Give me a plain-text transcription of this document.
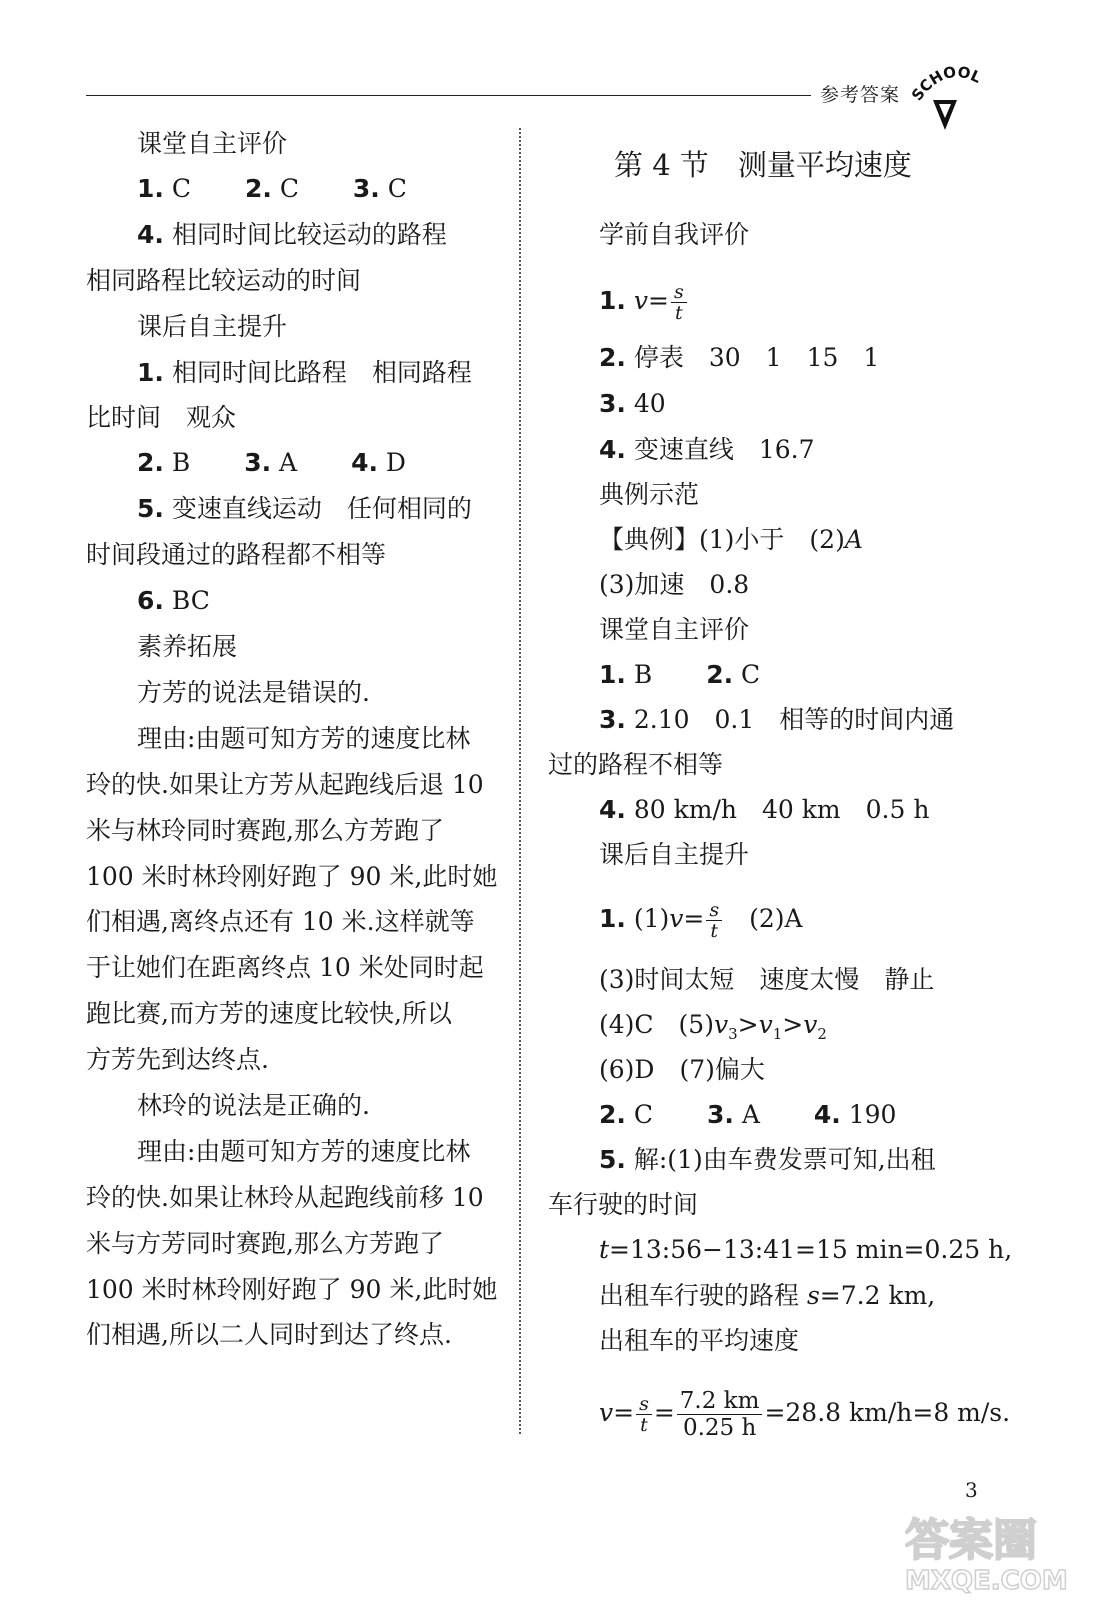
参考答案 SCHOOL
课堂自主评价
1. C 2. C 3. C
4. 相同时间比较运动的路程
相同路程比较运动的时间
课后自主提升
1. 相同时间比路程　相同路程
比时间　观众
2. B 3. A 4. D
5. 变速直线运动　任何相同的
时间段通过的路程都不相等
6. BC
素养拓展
方芳的说法是错误的.
理由:由题可知方芳的速度比林
玲的快.如果让方芳从起跑线后退 10
米与林玲同时赛跑,那么方芳跑了
100 米时林玲刚好跑了 90 米,此时她
们相遇,离终点还有 10 米.这样就等
于让她们在距离终点 10 米处同时起
跑比赛,而方芳的速度比较快,所以
方芳先到达终点.
林玲的说法是正确的.
理由:由题可知方芳的速度比林
玲的快.如果让林玲从起跑线前移 10
米与方芳同时赛跑,那么方芳跑了
100 米时林玲刚好跑了 90 米,此时她
们相遇,所以二人同时到达了终点.
第 4 节　测量平均速度
学前自我评价
1. $v= \frac{s}{t}$
2. 停表　30　1　15　1
3. 40
4. 变速直线　16.7
典例示范
【典例】(1)小于　(2)A
(3)加速　0.8
课堂自主评价
1. B 2. C
3. 2.10　0.1　相等的时间内通
过的路程不相等
4. 80 km/h　40 km　0.5 h
课后自主提升
1. $(1)v= \frac{s}{t}$ 　(2)A
(3)时间太短　速度太慢　静止
(4)C　$(5)v_3>v_1>v_2$
(6)D　(7)偏大
2. C 3. A 4. 190
5. 解:(1)由车费发票可知,出租
车行驶的时间
t=13:56−13:41=15 min=0.25 h,
出租车行驶的路程 s=7.2 km,
出租车的平均速度
$v= \frac{s}{t} = \frac{7.2 km}{0.25 h} =28.8$ km/h=8 m/s.
3
答案圈
MXQE.COM
